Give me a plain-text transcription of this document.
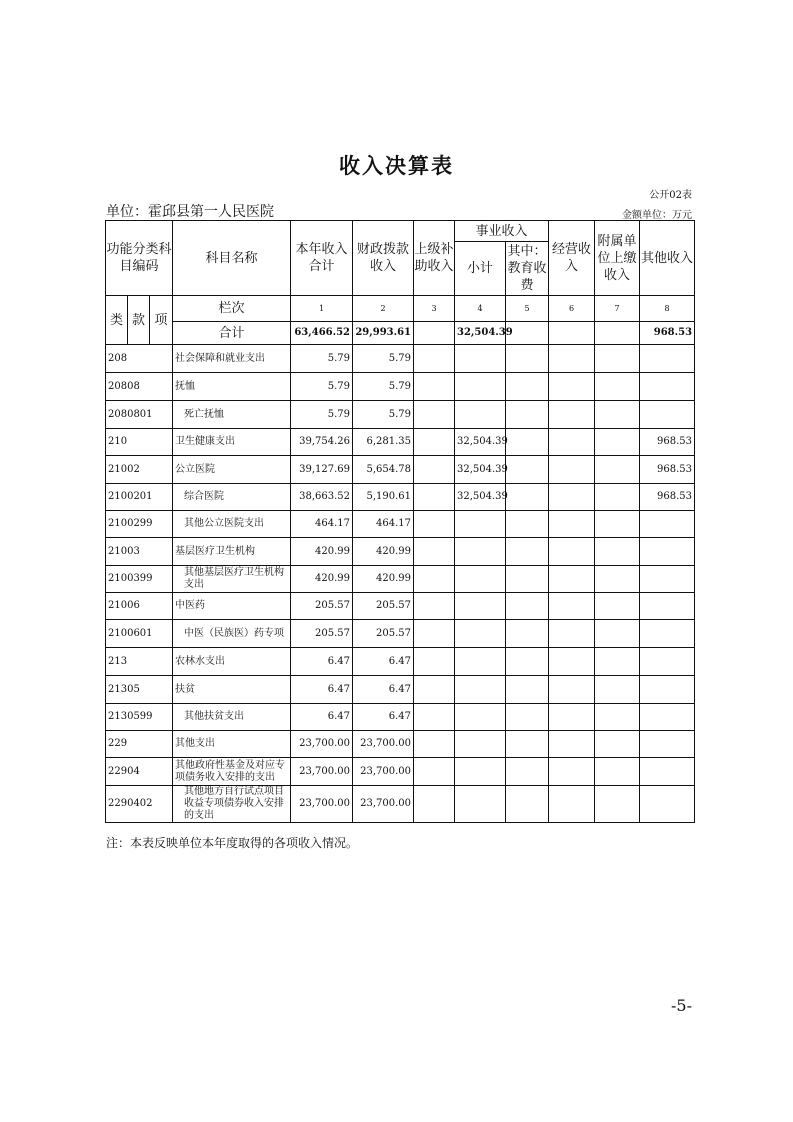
收入决算表
公开02表
单位：霍邱县第一人民医院	金额单位：万元
功能分类科目编码			科目名称	本年收入合计	财政拨款收入	上级补助收入	事业收入		经营收入	附属单位上缴收入	其他收入
							小计	其中：教育收费			

类	款	项	栏次	1	2	3	4	5	6	7	8
			合计	63,466.52	29,993.61		32,504.39				968.53
208			社会保障和就业支出	5.79	5.79						
20808			抚恤	5.79	5.79						
2080801			死亡抚恤	5.79	5.79						
210			卫生健康支出	39,754.26	6,281.35		32,504.39				968.53
21002			公立医院	39,127.69	5,654.78		32,504.39				968.53
2100201			综合医院	38,663.52	5,190.61		32,504.39				968.53
2100299			其他公立医院支出	464.17	464.17						
21003			基层医疗卫生机构	420.99	420.99						
2100399			其他基层医疗卫生机构支出	420.99	420.99						
21006			中医药	205.57	205.57						
2100601			中医（民族医）药专项	205.57	205.57						
213			农林水支出	6.47	6.47						
21305			扶贫	6.47	6.47						
2130599			其他扶贫支出	6.47	6.47						
229			其他支出	23,700.00	23,700.00						
22904			其他政府性基金及对应专项债务收入安排的支出	23,700.00	23,700.00						
2290402			其他地方自行试点项目收益专项债券收入安排的支出	23,700.00	23,700.00						
注：本表反映单位本年度取得的各项收入情况。
-5-
